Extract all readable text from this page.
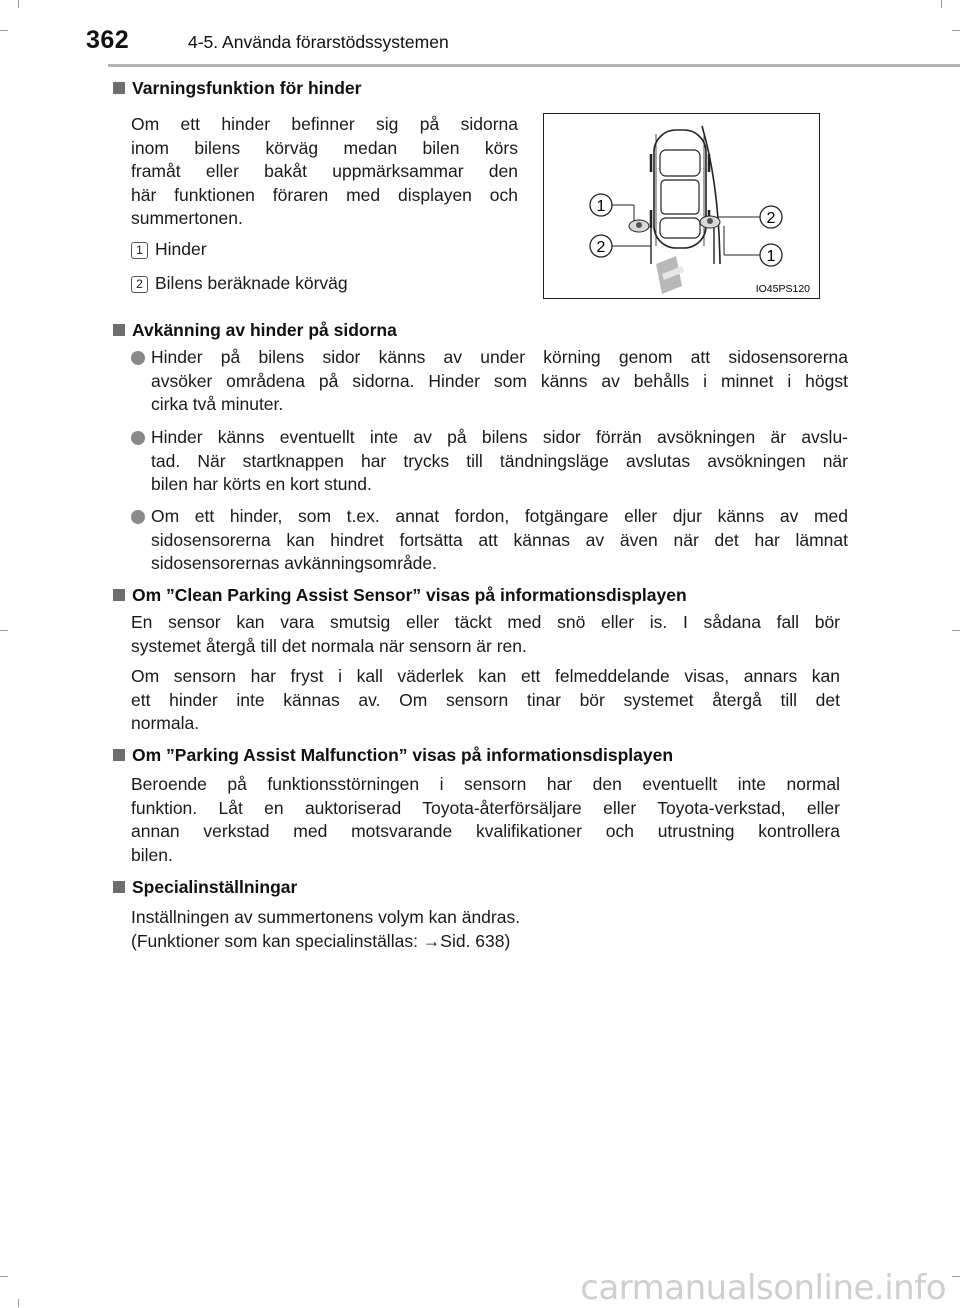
362	4-5. Använda förarstödssystemen
Varningsfunktion för hinder
Om ett hinder befinner sig på sidorna
inom bilens körväg medan bilen körs
framåt eller bakåt uppmärksammar den
här funktionen föraren med displayen och
summertonen.
1 Hinder
2 Bilens beräknade körväg
1
2
2
1
IO45PS120
Avkänning av hinder på sidorna
Hinder på bilens sidor känns av under körning genom att sidosensorerna
avsöker områdena på sidorna. Hinder som känns av behålls i minnet i högst
cirka två minuter.
Hinder känns eventuellt inte av på bilens sidor förrän avsökningen är avslu-
tad. När startknappen har trycks till tändningsläge avslutas avsökningen när
bilen har körts en kort stund.
Om ett hinder, som t.ex. annat fordon, fotgängare eller djur känns av med
sidosensorerna kan hindret fortsätta att kännas av även när det har lämnat
sidosensorernas avkänningsområde.
Om ”Clean Parking Assist Sensor” visas på informationsdisplayen
En sensor kan vara smutsig eller täckt med snö eller is. I sådana fall bör
systemet återgå till det normala när sensorn är ren.
Om sensorn har fryst i kall väderlek kan ett felmeddelande visas, annars kan
ett hinder inte kännas av. Om sensorn tinar bör systemet återgå till det
normala.
Om ”Parking Assist Malfunction” visas på informationsdisplayen
Beroende på funktionsstörningen i sensorn har den eventuellt inte normal
funktion. Låt en auktoriserad Toyota-återförsäljare eller Toyota-verkstad, eller
annan verkstad med motsvarande kvalifikationer och utrustning kontrollera
bilen.
Specialinställningar
Inställningen av summertonens volym kan ändras.
(Funktioner som kan specialinställas: →Sid. 638)
carmanualsonline.info
